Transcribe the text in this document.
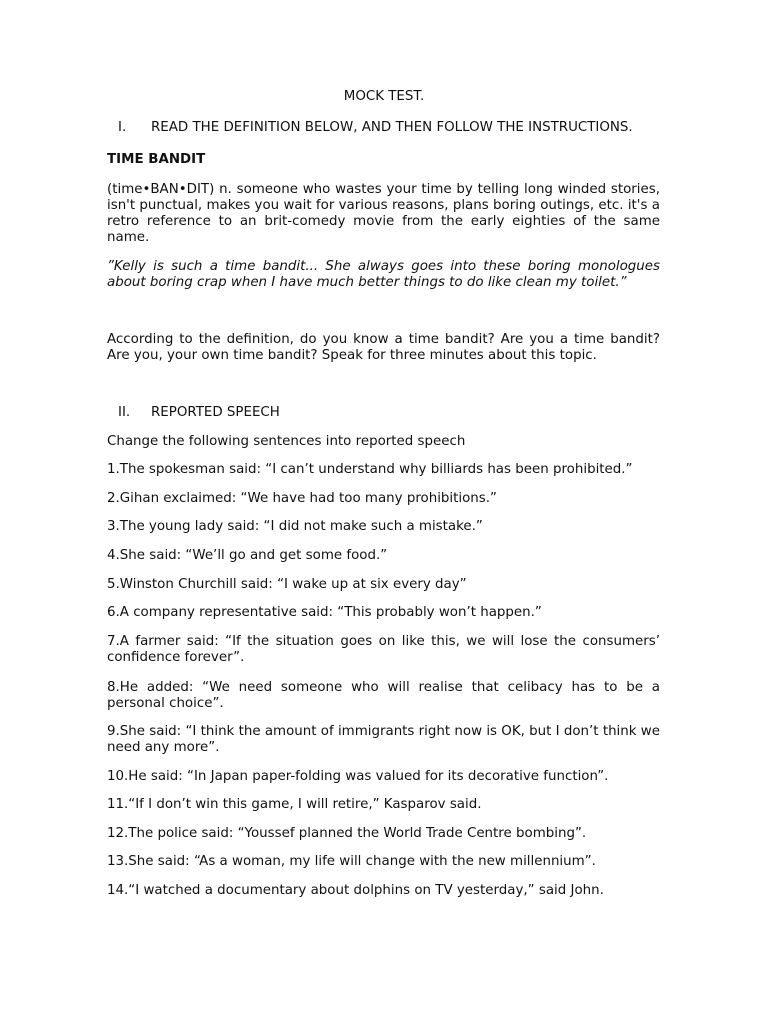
MOCK TEST.
I. READ THE DEFINITION BELOW, AND THEN FOLLOW THE INSTRUCTIONS.
TIME BANDIT
(time•BAN•DIT) n. someone who wastes your time by telling long winded stories, isn't punctual, makes you wait for various reasons, plans boring outings, etc. it's a retro reference to an brit-comedy movie from the early eighties of the same name.
”Kelly is such a time bandit... She always goes into these boring monologues about boring crap when I have much better things to do like clean my toilet.”
According to the definition, do you know a time bandit? Are you a time bandit? Are you, your own time bandit? Speak for three minutes about this topic.
II. REPORTED SPEECH
Change the following sentences into reported speech

1.The spokesman said: “I can’t understand why billiards has been prohibited.”

2.Gihan exclaimed: “We have had too many prohibitions.”

3.The young lady said: “I did not make such a mistake.”

4.She said: “We’ll go and get some food.”

5.Winston Churchill said: “I wake up at six every day”

6.A company representative said: “This probably won’t happen.”

7.A farmer said: “If the situation goes on like this, we will lose the consumers’ confidence forever”.

8.He added: “We need someone who will realise that celibacy has to be a personal choice”.

9.She said: “I think the amount of immigrants right now is OK, but I don’t think we need any more”.

10.He said: “In Japan paper-folding was valued for its decorative function”.

11.“If I don’t win this game, I will retire,” Kasparov said.

12.The police said: “Youssef planned the World Trade Centre bombing”.

13.She said: “As a woman, my life will change with the new millennium”.

14.“I watched a documentary about dolphins on TV yesterday,” said John.
